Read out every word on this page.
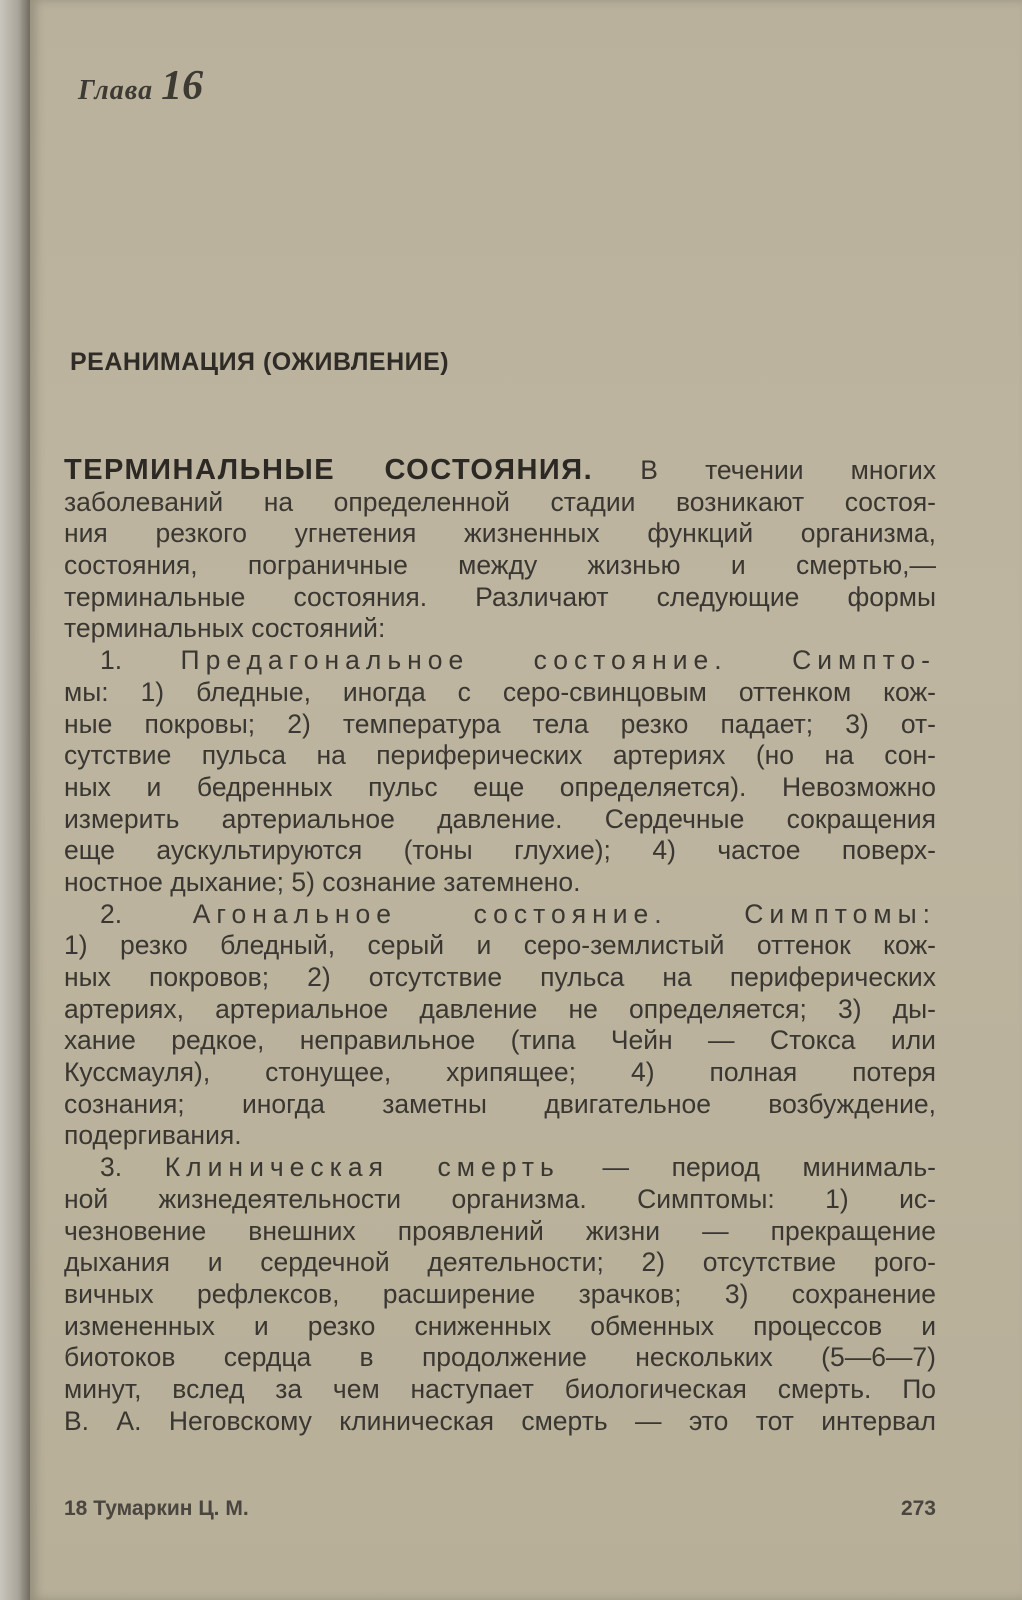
Глава 16
РЕАНИМАЦИЯ (ОЖИВЛЕНИЕ)
ТЕРМИНАЛЬНЫЕ СОСТОЯНИЯ. В течении многих
заболеваний на определенной стадии возникают состоя-
ния резкого угнетения жизненных функций организма,
состояния, пограничные между жизнью и смертью,—
терминальные состояния. Различают следующие формы
терминальных состояний:
1. Предагональное состояние. Симпто-
мы: 1) бледные, иногда с серо-свинцовым оттенком кож-
ные покровы; 2) температура тела резко падает; 3) от-
сутствие пульса на периферических артериях (но на сон-
ных и бедренных пульс еще определяется). Невозможно
измерить артериальное давление. Сердечные сокращения
еще аускультируются (тоны глухие); 4) частое поверх-
ностное дыхание; 5) сознание затемнено.
2.	Агональное состояние. Симптомы:
1) резко бледный, серый и серо-землистый оттенок кож-
ных покровов; 2) отсутствие пульса на периферических
артериях, артериальное давление не определяется; 3) ды-
хание редкое, неправильное (типа Чейн — Стокса или
Куссмауля), стонущее, хрипящее; 4) полная потеря
сознания; иногда заметны двигательное возбуждение,
подергивания.
3. Клиническая смерть — период минималь-
ной жизнедеятельности организма. Симптомы: 1) ис-
чезновение внешних проявлений жизни — прекращение
дыхания и сердечной деятельности; 2) отсутствие рого-
вичных рефлексов, расширение зрачков; 3) сохранение
измененных и резко сниженных обменных процессов и
биотоков сердца в продолжение нескольких (5—6—7)
минут, вслед за чем наступает биологическая смерть. По
В. А. Неговскому клиническая смерть — это тот интервал
18 Тумаркин Ц. М.	273
